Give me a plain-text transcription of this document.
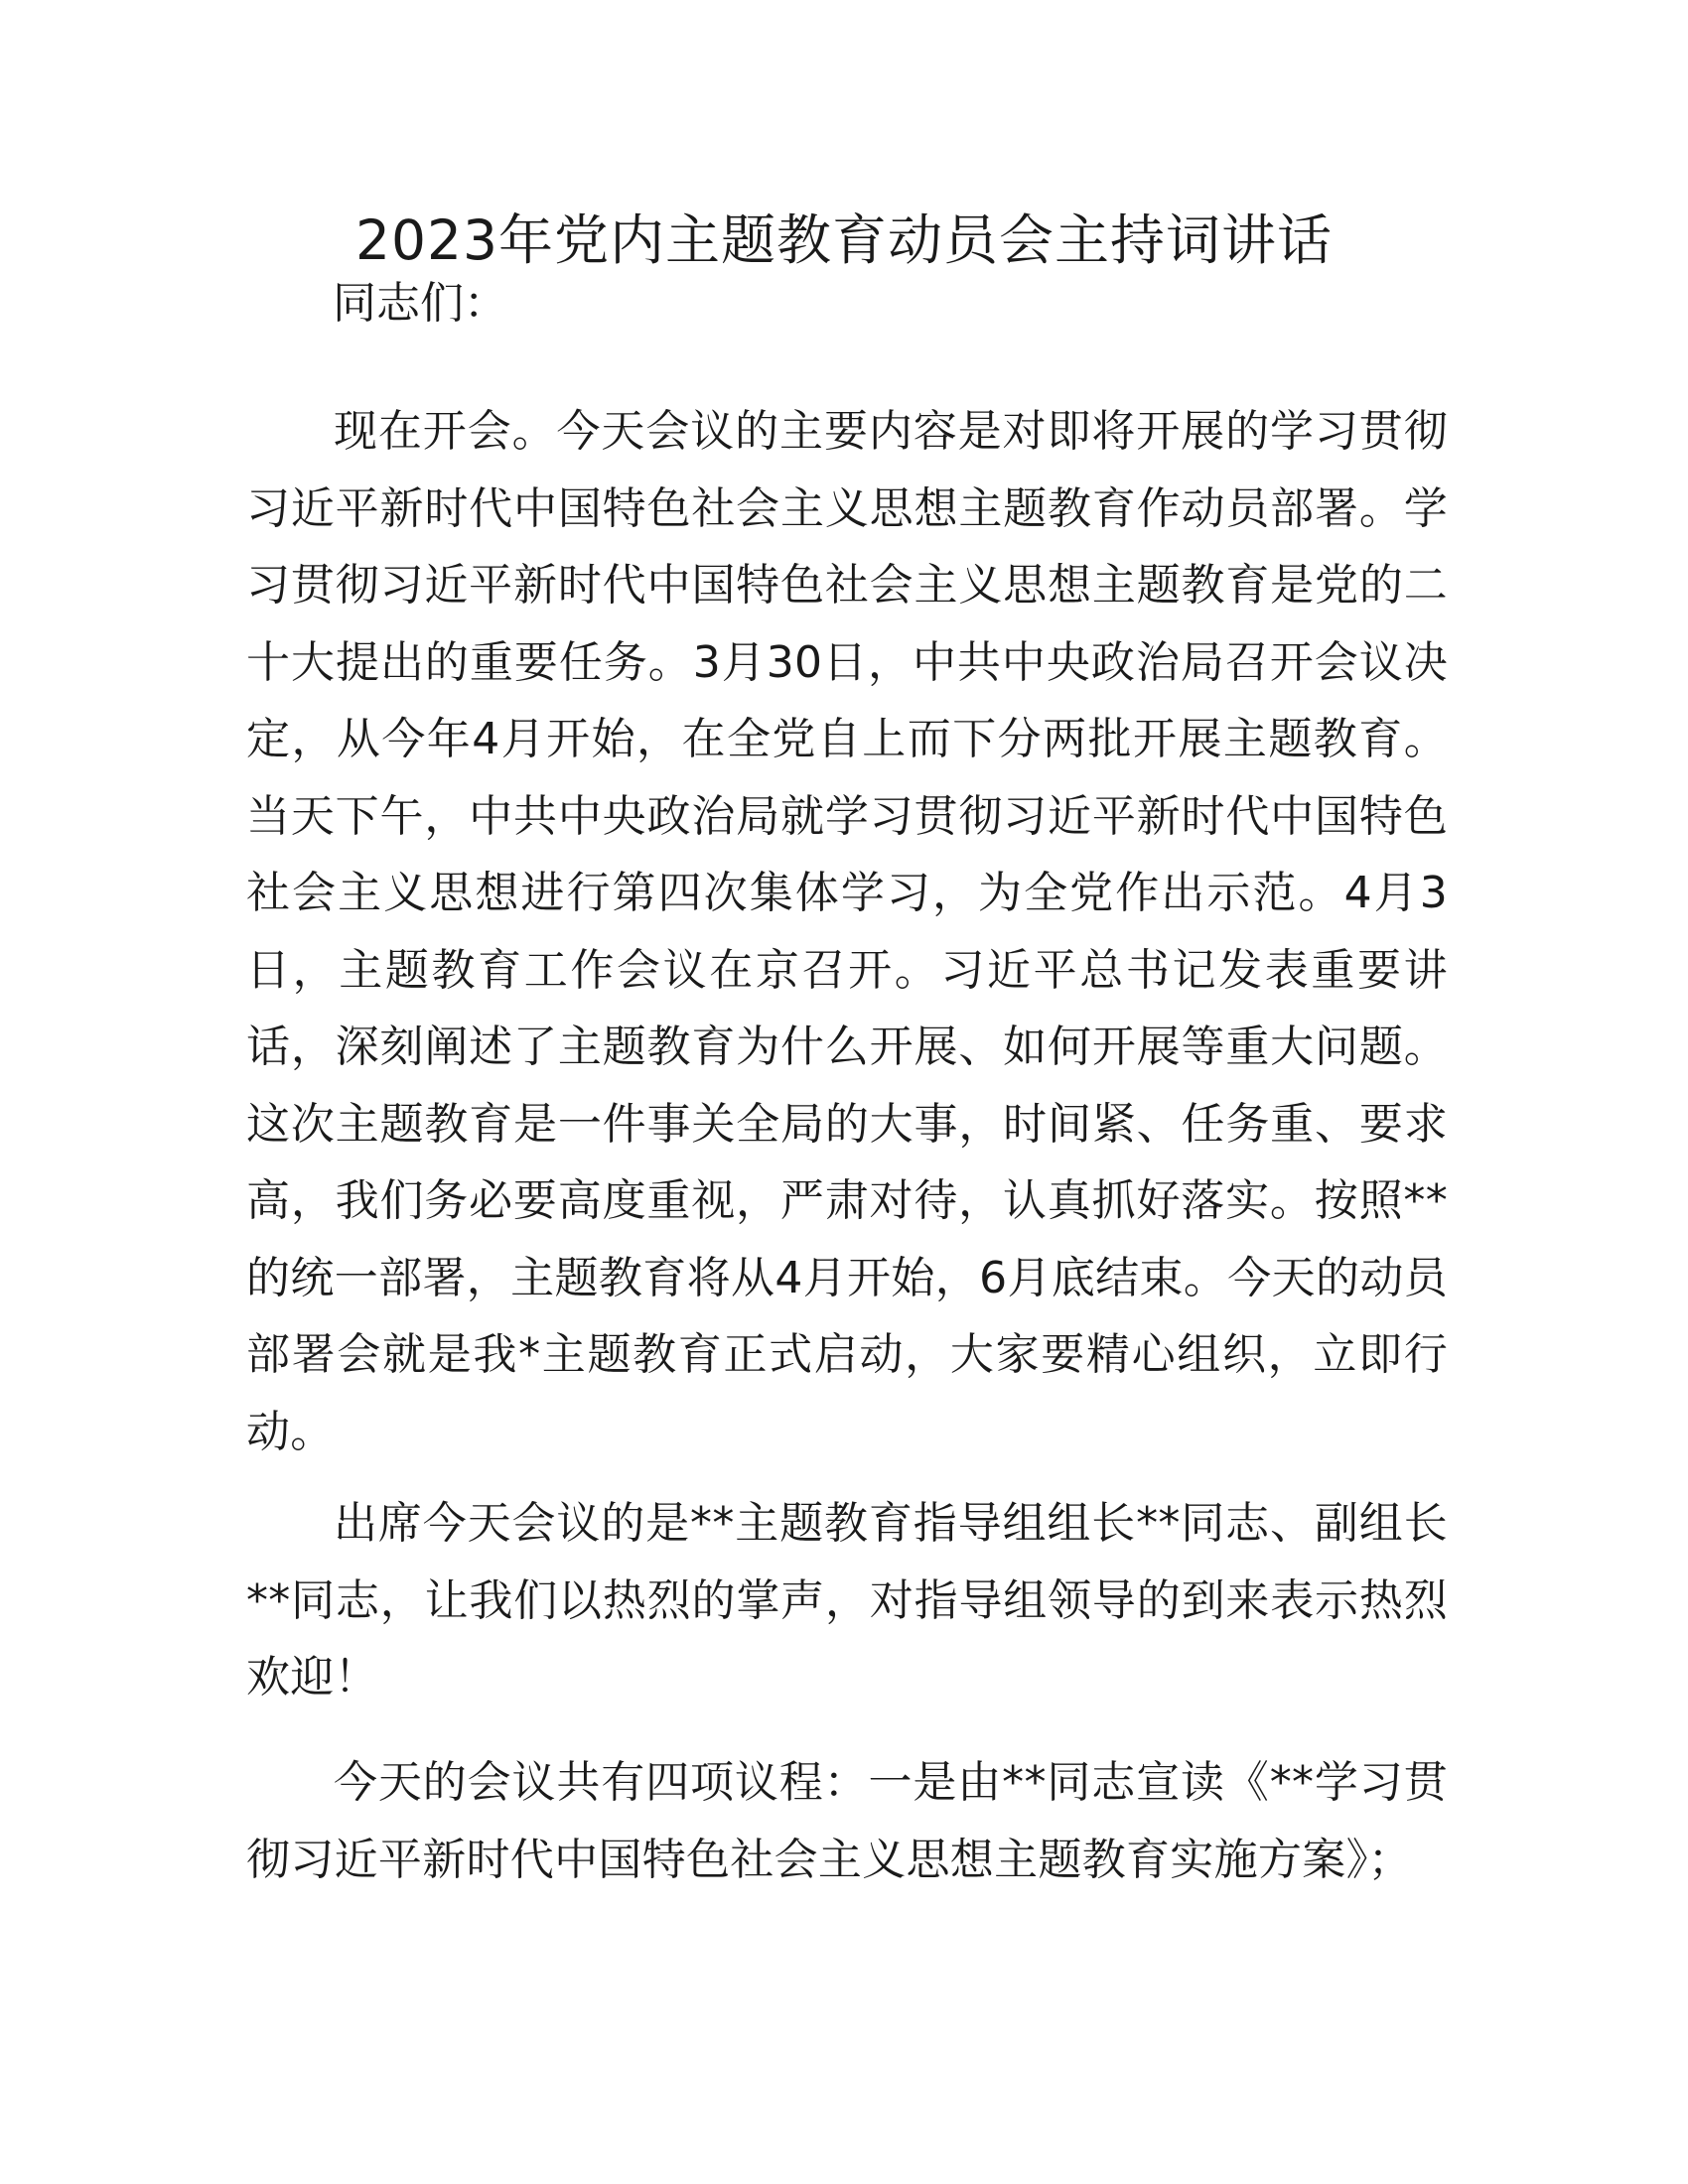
2023年党内主题教育动员会主持词讲话

同志们：

现在开会。今天会议的主要内容是对即将开展的学习贯彻习近平新时代中国特色社会主义思想主题教育作动员部署。学习贯彻习近平新时代中国特色社会主义思想主题教育是党的二十大提出的重要任务。3月30日，中共中央政治局召开会议决定，从今年4月开始，在全党自上而下分两批开展主题教育。当天下午，中共中央政治局就学习贯彻习近平新时代中国特色社会主义思想进行第四次集体学习，为全党作出示范。4月3日，主题教育工作会议在京召开。习近平总书记发表重要讲话，深刻阐述了主题教育为什么开展、如何开展等重大问题。这次主题教育是一件事关全局的大事，时间紧、任务重、要求高，我们务必要高度重视，严肃对待，认真抓好落实。按照**的统一部署，主题教育将从4月开始，6月底结束。今天的动员部署会就是我*主题教育正式启动，大家要精心组织，立即行动。

出席今天会议的是**主题教育指导组组长**同志、副组长**同志，让我们以热烈的掌声，对指导组领导的到来表示热烈欢迎！

今天的会议共有四项议程：一是由**同志宣读《**学习贯彻习近平新时代中国特色社会主义思想主题教育实施方案》；
